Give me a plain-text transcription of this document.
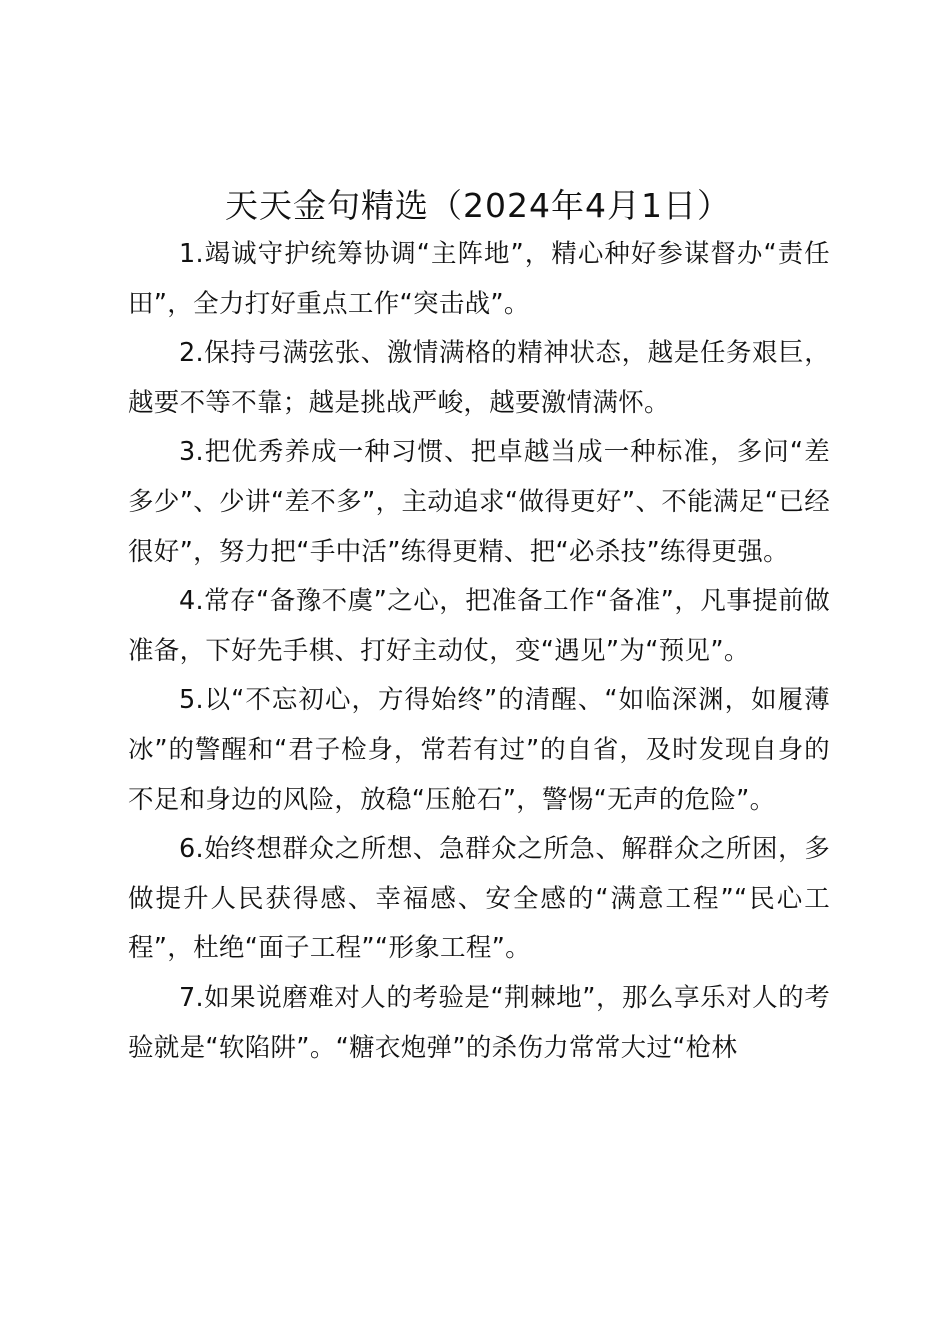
天天金句精选（2024年4月1日）

1.竭诚守护统筹协调“主阵地”，精心种好参谋督办“责任田”，全力打好重点工作“突击战”。

2.保持弓满弦张、激情满格的精神状态，越是任务艰巨，越要不等不靠；越是挑战严峻，越要激情满怀。

3.把优秀养成一种习惯、把卓越当成一种标准，多问“差多少”、少讲“差不多”，主动追求“做得更好”、不能满足“已经很好”，努力把“手中活”练得更精、把“必杀技”练得更强。

4.常存“备豫不虞”之心，把准备工作“备准”，凡事提前做准备，下好先手棋、打好主动仗，变“遇见”为“预见”。

5.以“不忘初心，方得始终”的清醒、“如临深渊，如履薄冰”的警醒和“君子检身，常若有过”的自省，及时发现自身的不足和身边的风险，放稳“压舱石”，警惕“无声的危险”。

6.始终想群众之所想、急群众之所急、解群众之所困，多做提升人民获得感、幸福感、安全感的“满意工程”“民心工程”，杜绝“面子工程”“形象工程”。

7.如果说磨难对人的考验是“荆棘地”，那么享乐对人的考验就是“软陷阱”。“糖衣炮弹”的杀伤力常常大过“枪林
